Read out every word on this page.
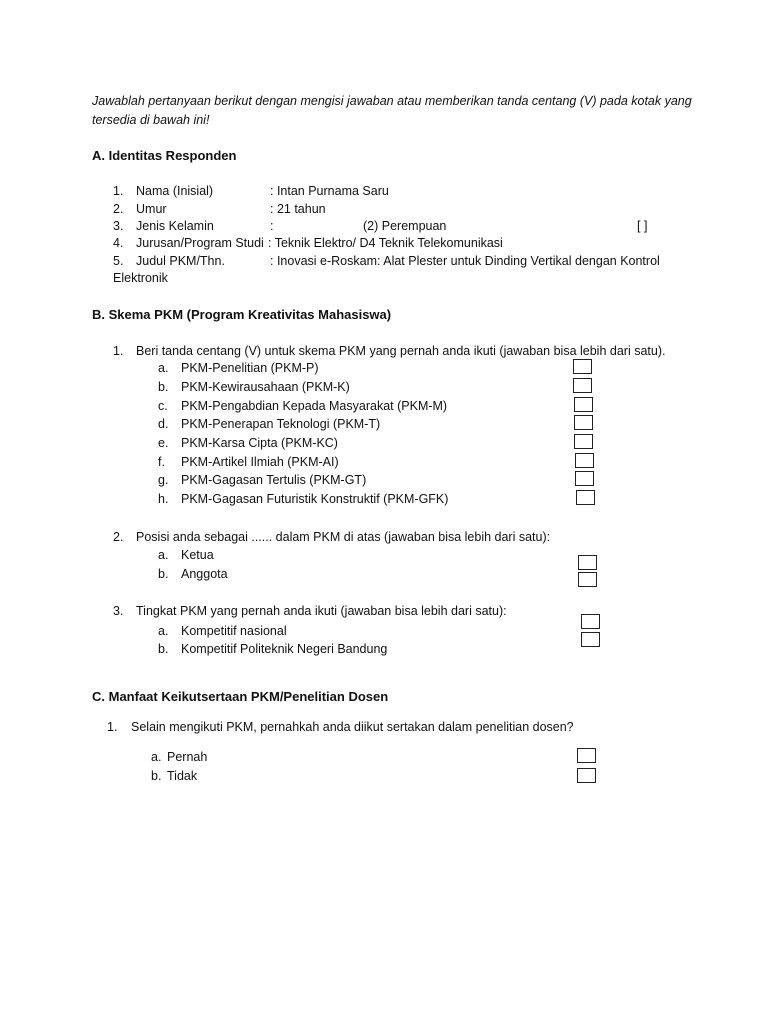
Jawablah pertanyaan berikut dengan mengisi jawaban atau memberikan tanda centang (V) pada kotak yang tersedia di bawah ini!
A. Identitas Responden
1. Nama (Inisial)	: Intan Purnama Saru
2. Umur	: 21 tahun
3. Jenis Kelamin	:	(2) Perempuan	[ ]
4. Jurusan/Program Studi : Teknik Elektro/ D4 Teknik Telekomunikasi
5. Judul PKM/Thn.	: Inovasi e-Roskam: Alat Plester untuk Dinding Vertikal dengan Kontrol
Elektronik
B. Skema PKM (Program Kreativitas Mahasiswa)
1. Beri tanda centang (V) untuk skema PKM yang pernah anda ikuti (jawaban bisa lebih dari satu).
a. PKM-Penelitian (PKM-P)
b. PKM-Kewirausahaan (PKM-K)
c. PKM-Pengabdian Kepada Masyarakat (PKM-M)
d. PKM-Penerapan Teknologi (PKM-T)
e. PKM-Karsa Cipta (PKM-KC)
f. PKM-Artikel Ilmiah (PKM-AI)
g. PKM-Gagasan Tertulis (PKM-GT)
h. PKM-Gagasan Futuristik Konstruktif (PKM-GFK)
2. Posisi anda sebagai ...... dalam PKM di atas (jawaban bisa lebih dari satu):
a. Ketua
b. Anggota
3. Tingkat PKM yang pernah anda ikuti (jawaban bisa lebih dari satu):
a. Kompetitif nasional
b. Kompetitif Politeknik Negeri Bandung
C. Manfaat Keikutsertaan PKM/Penelitian Dosen
1. Selain mengikuti PKM, pernahkah anda diikut sertakan dalam penelitian dosen?
a. Pernah
b. Tidak
